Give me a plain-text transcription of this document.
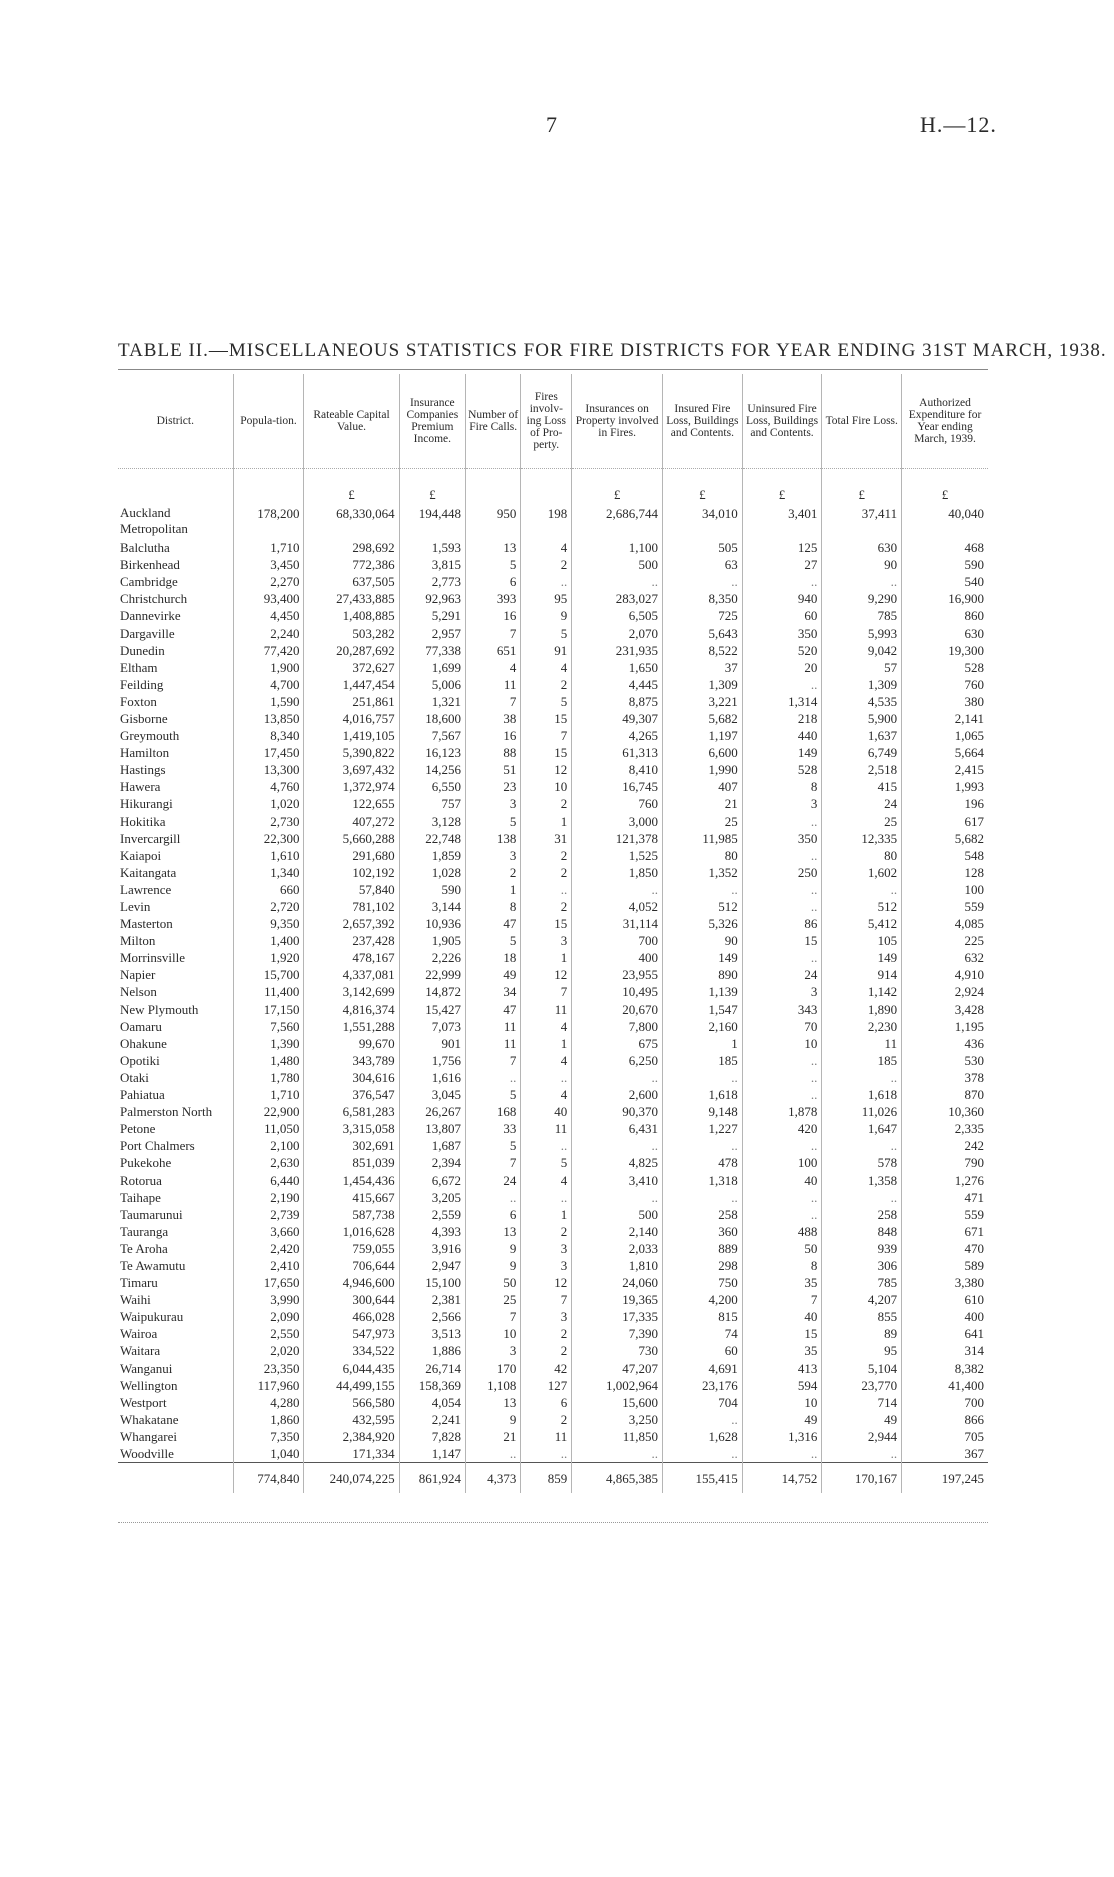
7	H.—12.
TABLE II.—MISCELLANEOUS STATISTICS FOR FIRE DISTRICTS FOR YEAR ENDING 31ST MARCH, 1938.
District.	Popula-tion.	Rateable Capital Value.	Insurance Companies Premium Income.	Number of Fire Calls.	Fires involv-ing Loss of Pro-perty.	Insurances on Property involved in Fires.	Insured Fire Loss, Buildings and Contents.	Uninsured Fire Loss, Buildings and Contents.	Total Fire Loss.	Authorized Expenditure for Year ending March, 1939.
		£	£			£	£	£	£	£
Auckland Metropolitan	178,200	68,330,064	194,448	950	198	2,686,744	34,010	3,401	37,411	40,040
Balclutha	1,710	298,692	1,593	13	4	1,100	505	125	630	468
Birkenhead	3,450	772,386	3,815	5	2	500	63	27	90	590
Cambridge	2,270	637,505	2,773	6	..	..	..	..	..	540
Christchurch	93,400	27,433,885	92,963	393	95	283,027	8,350	940	9,290	16,900
Dannevirke	4,450	1,408,885	5,291	16	9	6,505	725	60	785	860
Dargaville	2,240	503,282	2,957	7	5	2,070	5,643	350	5,993	630
Dunedin	77,420	20,287,692	77,338	651	91	231,935	8,522	520	9,042	19,300
Eltham	1,900	372,627	1,699	4	4	1,650	37	20	57	528
Feilding	4,700	1,447,454	5,006	11	2	4,445	1,309	..	1,309	760
Foxton	1,590	251,861	1,321	7	5	8,875	3,221	1,314	4,535	380
Gisborne	13,850	4,016,757	18,600	38	15	49,307	5,682	218	5,900	2,141
Greymouth	8,340	1,419,105	7,567	16	7	4,265	1,197	440	1,637	1,065
Hamilton	17,450	5,390,822	16,123	88	15	61,313	6,600	149	6,749	5,664
Hastings	13,300	3,697,432	14,256	51	12	8,410	1,990	528	2,518	2,415
Hawera	4,760	1,372,974	6,550	23	10	16,745	407	8	415	1,993
Hikurangi	1,020	122,655	757	3	2	760	21	3	24	196
Hokitika	2,730	407,272	3,128	5	1	3,000	25	..	25	617
Invercargill	22,300	5,660,288	22,748	138	31	121,378	11,985	350	12,335	5,682
Kaiapoi	1,610	291,680	1,859	3	2	1,525	80	..	80	548
Kaitangata	1,340	102,192	1,028	2	2	1,850	1,352	250	1,602	128
Lawrence	660	57,840	590	1	..	..	..	..	..	100
Levin	2,720	781,102	3,144	8	2	4,052	512	..	512	559
Masterton	9,350	2,657,392	10,936	47	15	31,114	5,326	86	5,412	4,085
Milton	1,400	237,428	1,905	5	3	700	90	15	105	225
Morrinsville	1,920	478,167	2,226	18	1	400	149	..	149	632
Napier	15,700	4,337,081	22,999	49	12	23,955	890	24	914	4,910
Nelson	11,400	3,142,699	14,872	34	7	10,495	1,139	3	1,142	2,924
New Plymouth	17,150	4,816,374	15,427	47	11	20,670	1,547	343	1,890	3,428
Oamaru	7,560	1,551,288	7,073	11	4	7,800	2,160	70	2,230	1,195
Ohakune	1,390	99,670	901	11	1	675	1	10	11	436
Opotiki	1,480	343,789	1,756	7	4	6,250	185	..	185	530
Otaki	1,780	304,616	1,616	..	..	..	..	..	..	378
Pahiatua	1,710	376,547	3,045	5	4	2,600	1,618	..	1,618	870
Palmerston North	22,900	6,581,283	26,267	168	40	90,370	9,148	1,878	11,026	10,360
Petone	11,050	3,315,058	13,807	33	11	6,431	1,227	420	1,647	2,335
Port Chalmers	2,100	302,691	1,687	5	..	..	..	..	..	242
Pukekohe	2,630	851,039	2,394	7	5	4,825	478	100	578	790
Rotorua	6,440	1,454,436	6,672	24	4	3,410	1,318	40	1,358	1,276
Taihape	2,190	415,667	3,205	..	..	..	..	..	..	471
Taumarunui	2,739	587,738	2,559	6	1	500	258	..	258	559
Tauranga	3,660	1,016,628	4,393	13	2	2,140	360	488	848	671
Te Aroha	2,420	759,055	3,916	9	3	2,033	889	50	939	470
Te Awamutu	2,410	706,644	2,947	9	3	1,810	298	8	306	589
Timaru	17,650	4,946,600	15,100	50	12	24,060	750	35	785	3,380
Waihi	3,990	300,644	2,381	25	7	19,365	4,200	7	4,207	610
Waipukurau	2,090	466,028	2,566	7	3	17,335	815	40	855	400
Wairoa	2,550	547,973	3,513	10	2	7,390	74	15	89	641
Waitara	2,020	334,522	1,886	3	2	730	60	35	95	314
Wanganui	23,350	6,044,435	26,714	170	42	47,207	4,691	413	5,104	8,382
Wellington	117,960	44,499,155	158,369	1,108	127	1,002,964	23,176	594	23,770	41,400
Westport	4,280	566,580	4,054	13	6	15,600	704	10	714	700
Whakatane	1,860	432,595	2,241	9	2	3,250	..	49	49	866
Whangarei	7,350	2,384,920	7,828	21	11	11,850	1,628	1,316	2,944	705
Woodville	1,040	171,334	1,147	..	..	..	..	..	..	367
	774,840	240,074,225	861,924	4,373	859	4,865,385	155,415	14,752	170,167	197,245
